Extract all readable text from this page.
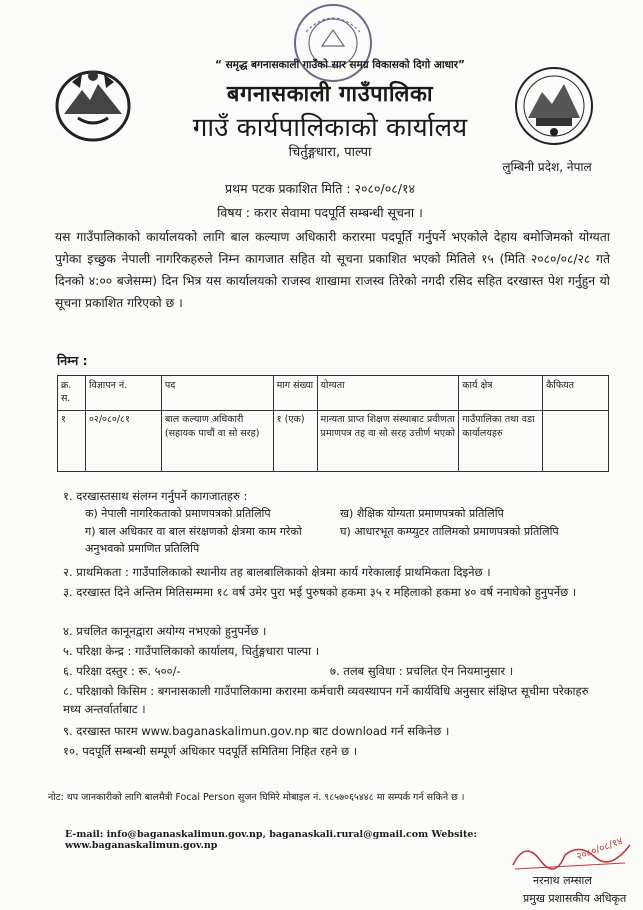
“ समृद्ध बगनासकाली गाउँको सार समग्र विकासको दिगो आधार”
बगनासकाली गाउँपालिका
गाउँ कार्यपालिकाको कार्यालय
चिर्तुङ्गधारा, पाल्पा
लुम्बिनी प्रदेश, नेपाल
प्रथम पटक प्रकाशित मिति : २०८०/०८/१४
विषय : करार सेवामा पदपूर्ति सम्बन्धी सूचना ।
यस गाउँपालिकाको कार्यालयको लागि बाल कल्याण अधिकारी करारमा पदपूर्ति गर्नुपर्ने भएकोले देहाय बमोजिमको योग्यता पुगेका इच्छुक नेपाली नागरिकहरुले निम्न कागजात सहित यो सूचना प्रकाशित भएको मितिले १५ (मिति २०८०/०८/२८ गते दिनको ४:०० बजेसम्म) दिन भित्र यस कार्यालयको राजस्व शाखामा राजस्व तिरेको नगदी रसिद सहित दरखास्त पेश गर्नुहुन यो सूचना प्रकाशित गरिएको छ ।
निम्न :
क्र. स.	विज्ञापन नं.	पद	माग संख्या	योग्यता	कार्य क्षेत्र	कैफियत
१	०२/०८०/८१	बाल कल्याण अधिकारी (सहायक पाचौं वा सो सरह)	१ (एक)	मान्यता प्राप्त शिक्षण संस्थाबाट प्रवीणता प्रमाणपत्र तह वा सो सरह उत्तीर्ण भएको	गाउँपालिका तथा वडा कार्यालयहरु	
१. दरखास्तसाथ संलग्न गर्नुपर्ने कागजातहरु :
क) नेपाली नागरिकताको प्रमाणपत्रको प्रतिलिपि	ख) शैक्षिक योग्यता प्रमाणपत्रको प्रतिलिपि
ग) बाल अधिकार वा बाल संरक्षणको क्षेत्रमा काम गरेको अनुभवको प्रमाणित प्रतिलिपि
घ) आधारभूत कम्प्युटर तालिमको प्रमाणपत्रको प्रतिलिपि
२. प्राथमिकता : गाउँपालिकाको स्थानीय तह बालबालिकाको क्षेत्रमा कार्य गरेकालाई प्राथमिकता दिइनेछ ।
३. दरखास्त दिने अन्तिम मितिसम्ममा १८ वर्ष उमेर पुरा भई पुरुषको हकमा ३५ र महिलाको हकमा ४० वर्ष ननाघेको हुनुपर्नेछ ।
४. प्रचलित कानूनद्वारा अयोग्य नभएको हुनुपर्नेछ ।
५. परिक्षा केन्द्र : गाउँपालिकाको कार्यालय, चिर्तुङ्गधारा पाल्पा ।
६. परिक्षा दस्तुर : रू. ५००/-	७. तलब सुविधा : प्रचलित ऐन नियमानुसार ।
८. परिक्षाको किसिम : बगनासकाली गाउँपालिकामा करारमा कर्मचारी व्यवस्थापन गर्ने कार्यविधि अनुसार संक्षिप्त सूचीमा परेकाहरु मध्य अन्तर्वार्ताबाट ।
९. दरखास्त फारम www.baganaskalimun.gov.np बाट download गर्न सकिनेछ ।
१०. पदपूर्ति सम्बन्धी सम्पूर्ण अधिकार पदपूर्ति समितिमा निहित रहने छ ।
नोट: थप जानकारीको लागि बालमैत्री Focal Person सुजन घिमिरे मोबाइल नं. ९८५७०६५४४८ मा सम्पर्क गर्न सकिने छ ।
E-mail: info@baganaskalimun.gov.np, baganaskali.rural@gmail.com Website: www.baganaskalimun.gov.np	२०८०/०८/१४
नरनाथ लम्साल
प्रमुख प्रशासकीय अधिकृत
